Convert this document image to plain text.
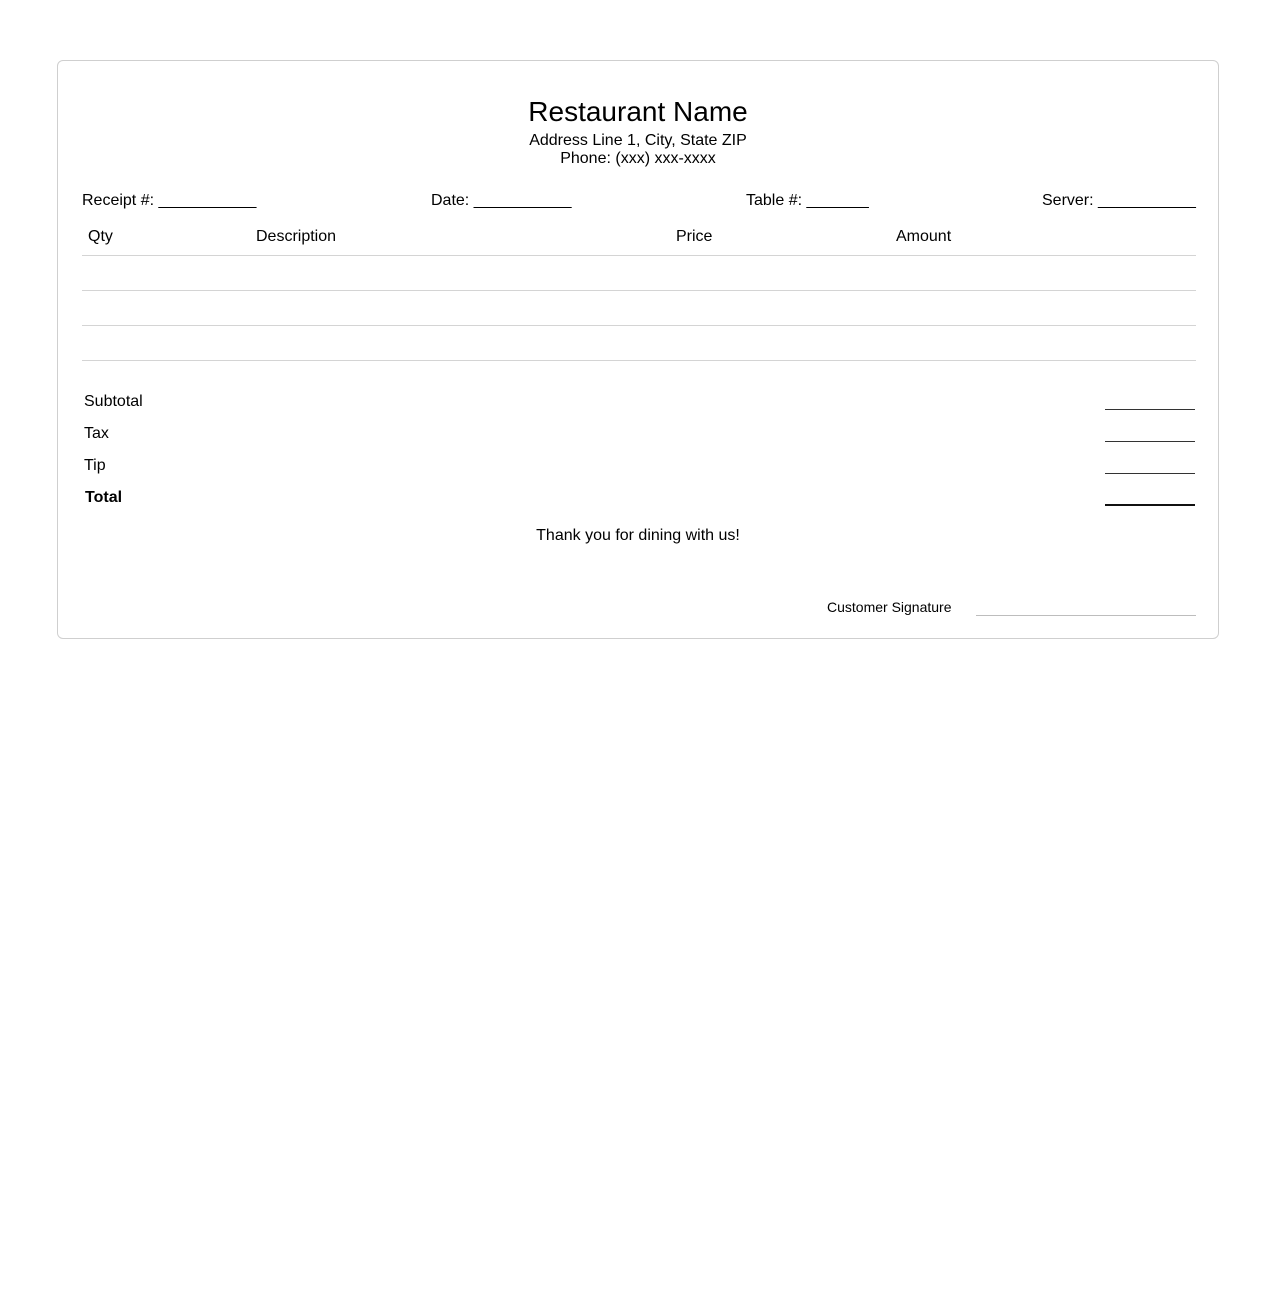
Restaurant Name
Address Line 1, City, State ZIP
Phone: (xxx) xxx-xxxx
Receipt #: ___________	Date: ___________	Table #: _______	Server: ___________
Qty	Description	Price	Amount
Subtotal
Tax
Tip
Total
Thank you for dining with us!
Customer Signature
